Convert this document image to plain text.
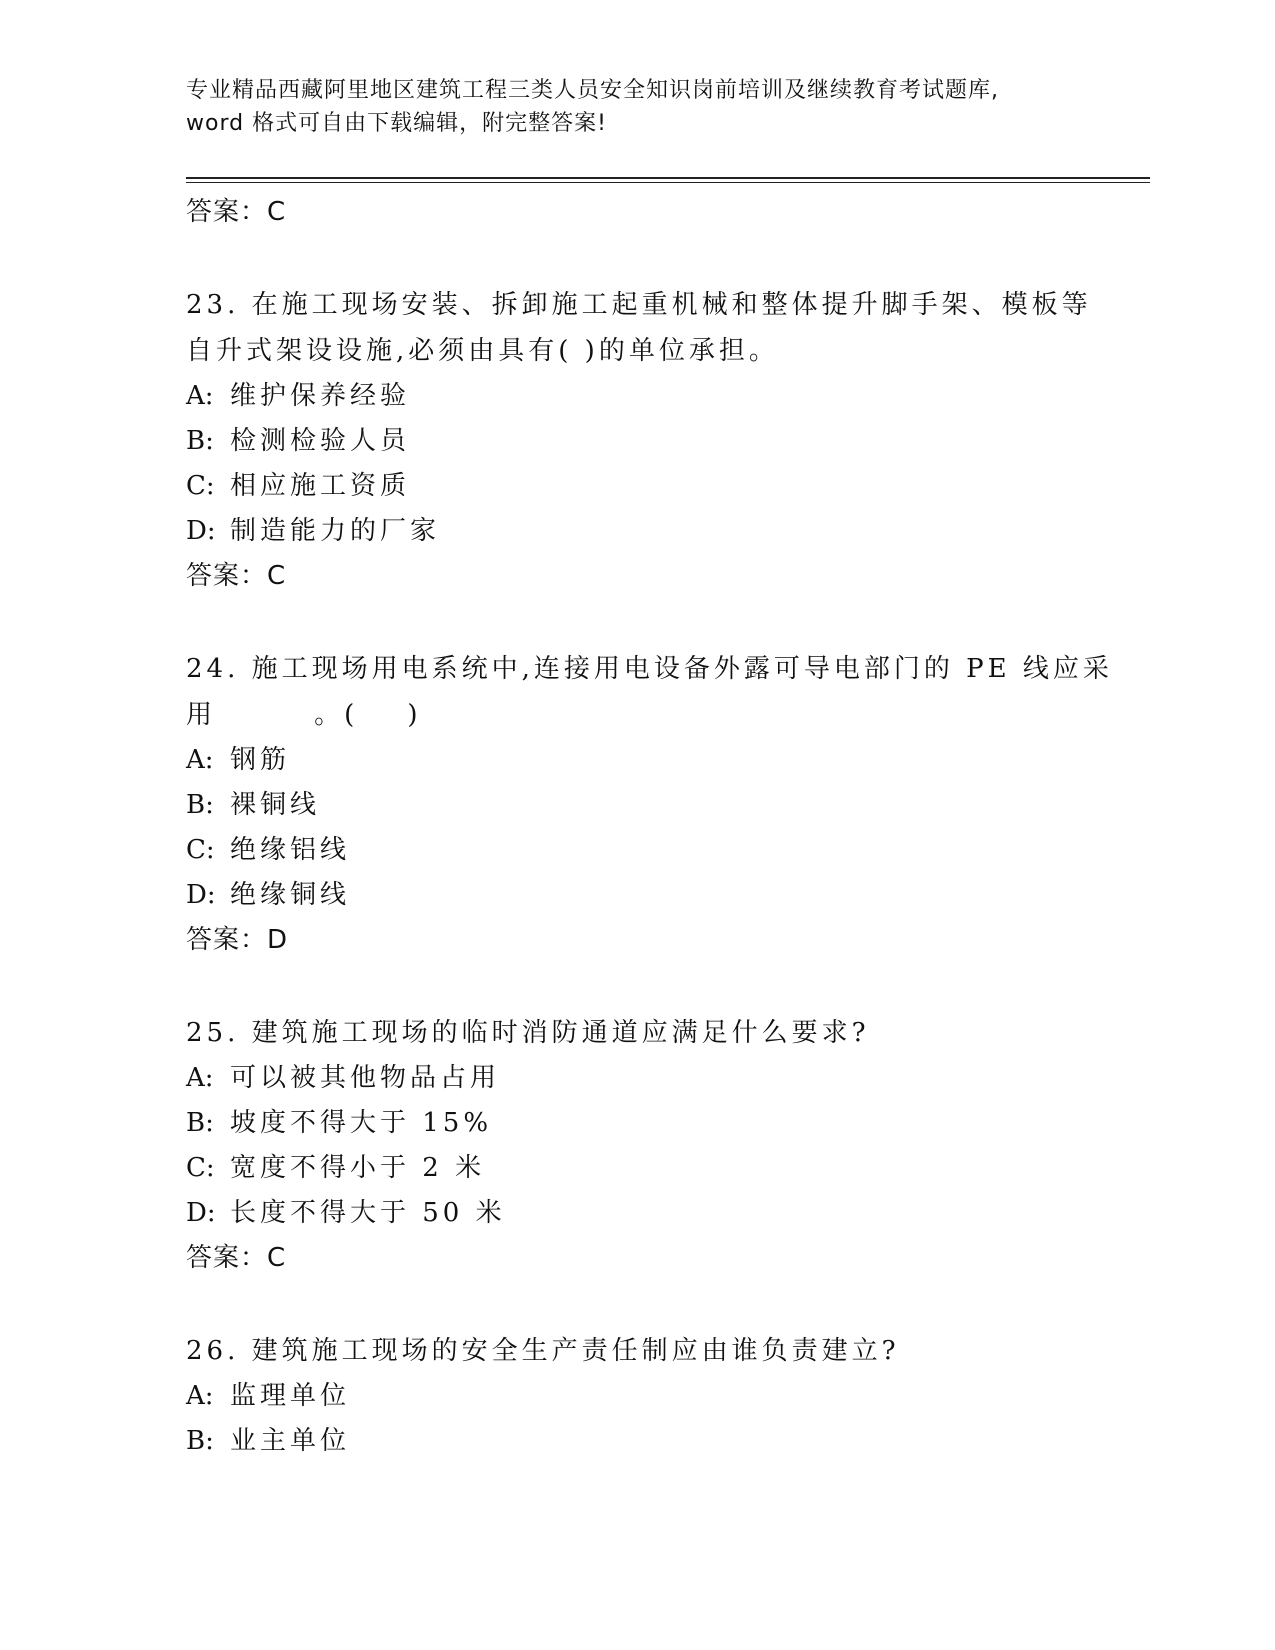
专业精品西藏阿里地区建筑工程三类人员安全知识岗前培训及继续教育考试题库,
word 格式可自由下载编辑，附完整答案!
答案：C
23. 在施工现场安装、拆卸施工起重机械和整体提升脚手架、模板等
自升式架设设施,必须由具有( )的单位承担。
A: 维护保养经验
B: 检测检验人员
C: 相应施工资质
D: 制造能力的厂家
答案：C
24. 施工现场用电系统中,连接用电设备外露可导电部门的 PE 线应采
用        。(    )
A: 钢筋
B: 裸铜线
C: 绝缘铝线
D: 绝缘铜线
答案：D
25. 建筑施工现场的临时消防通道应满足什么要求?
A: 可以被其他物品占用
B: 坡度不得大于 15%
C: 宽度不得小于 2 米
D: 长度不得大于 50 米
答案：C
26. 建筑施工现场的安全生产责任制应由谁负责建立?
A: 监理单位
B: 业主单位
